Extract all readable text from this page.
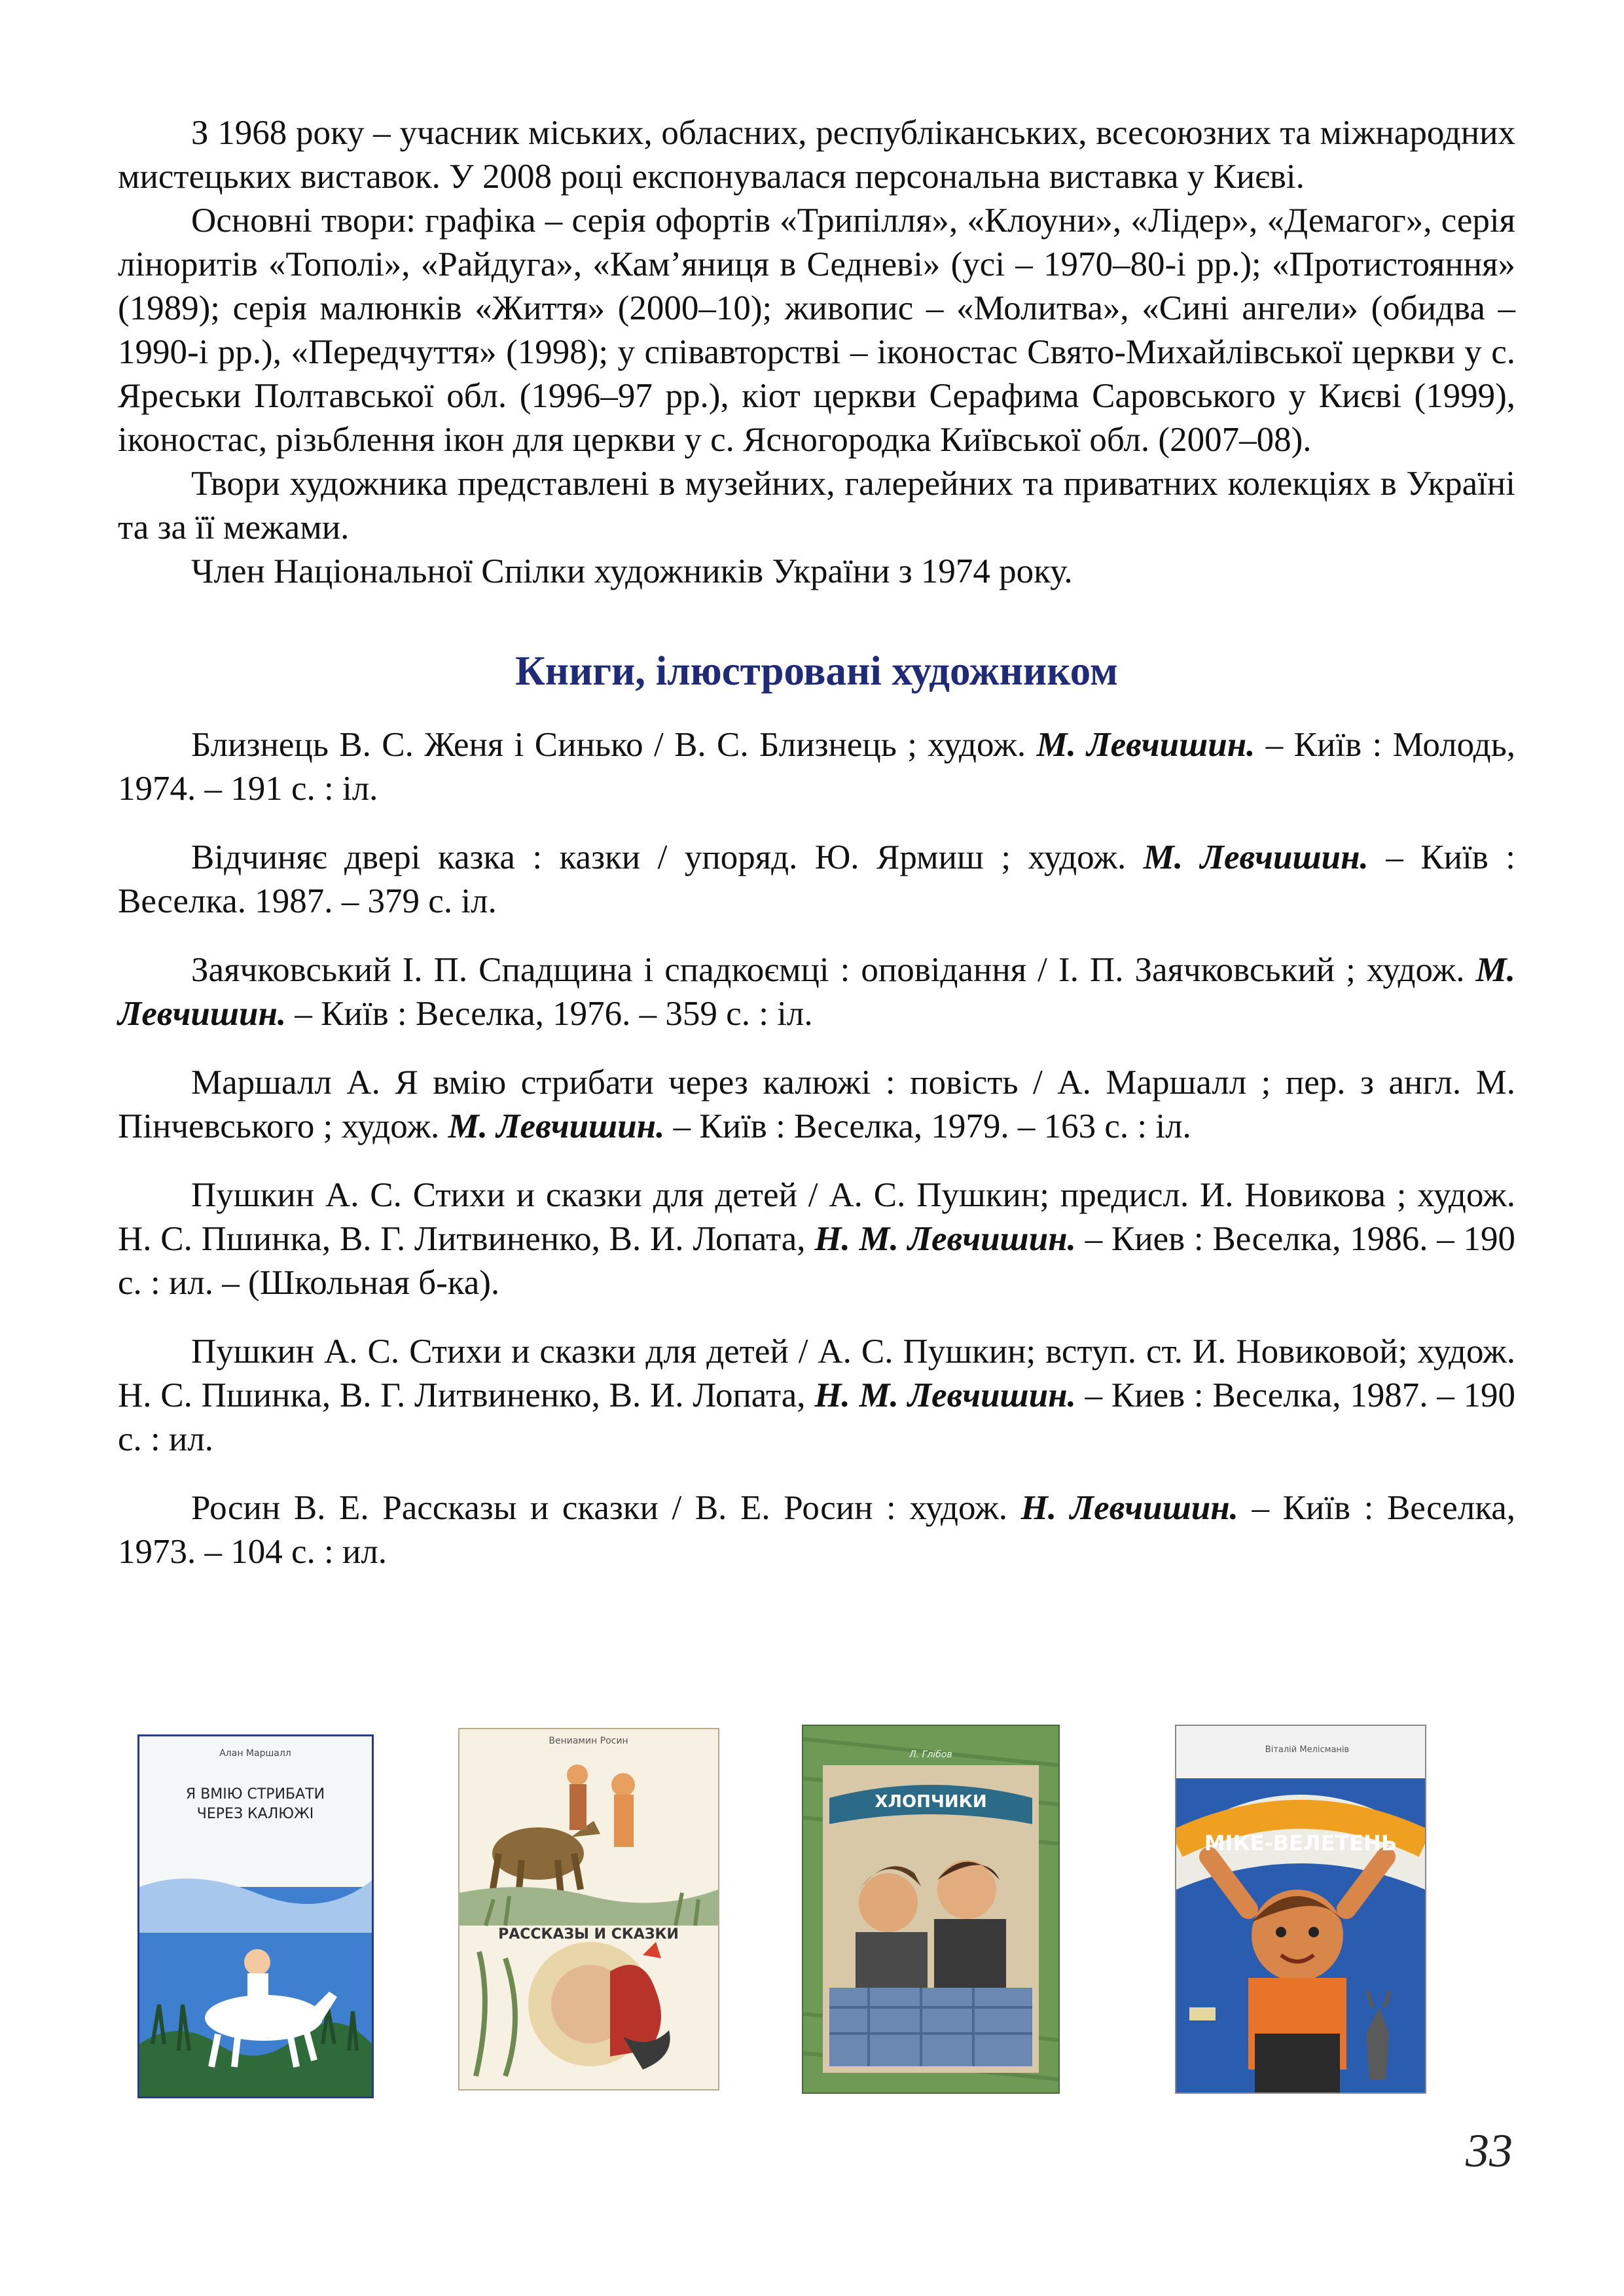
З 1968 року – учасник міських, обласних, республіканських, всесоюзних та міжнародних мистецьких виставок. У 2008 році експонувалася персональна виставка у Києві.

Основні твори: графіка – серія офортів «Трипілля», «Клоуни», «Лідер», «Демагог», серія ліноритів «Тополі», «Райдуга», «Кам’яниця в Седневі» (усі – 1970–80-і рр.); «Протистояння» (1989); серія малюнків «Життя» (2000–10); живопис – «Молитва», «Сині ангели» (обидва – 1990-і рр.), «Передчуття» (1998); у співавторстві – іконостас Свято-Михайлівської церкви у с. Яреськи Полтавської обл. (1996–97 рр.), кіот церкви Серафима Саровського у Києві (1999), іконостас, різьблення ікон для церкви у с. Ясногородка Київської обл. (2007–08).

Твори художника представлені в музейних, галерейних та приватних колекціях в Україні та за її межами.

Член Національної Спілки художників України з 1974 року.

Книги, ілюстровані художником

Близнець В. С. Женя і Синько / В. С. Близнець ; худож. М. Левчишин. – Київ : Молодь, 1974. – 191 с. : іл.

Відчиняє двері казка : казки / упоряд. Ю. Ярмиш ; худож. М. Левчишин. – Київ : Веселка. 1987. – 379 с. іл.

Заячковський І. П. Спадщина і спадкоємці : оповідання / І. П. Заячковський ; худож. М. Левчишин. – Київ : Веселка, 1976. – 359 с. : іл.

Маршалл А. Я вмію стрибати через калюжі : повість / А. Маршалл ; пер. з англ. М. Пінчевського ; худож. М. Левчишин. – Київ : Веселка, 1979. – 163 с. : іл.

Пушкин А. С. Стихи и сказки для детей / А. С. Пушкин; предисл. И. Новикова ; худож. Н. С. Пшинка, В. Г. Литвиненко, В. И. Лопата, Н. М. Левчишин. – Киев : Веселка, 1986. – 190 с. : ил. – (Школьная б-ка).

Пушкин А. С. Стихи и сказки для детей / А. С. Пушкин; вступ. ст. И. Новиковой; худож. Н. С. Пшинка, В. Г. Литвиненко, В. И. Лопата, Н. М. Левчишин. – Киев : Веселка, 1987. – 190 с. : ил.

Росин В. Е. Рассказы и сказки / В. Е. Росин : худож. Н. Левчишин. – Київ : Веселка, 1973. – 104 с. : ил.

Алан Маршалл
Я ВМІЮ СТРИБАТИ
ЧЕРЕЗ КАЛЮЖІ
Вениамин Росин
РАССКАЗЫ И СКАЗКИ
Л. Глібов
ХЛОПЧИКИ
Віталій Мелісманів
МІКЕ-ВЕЛЕТЕНЬ
33
